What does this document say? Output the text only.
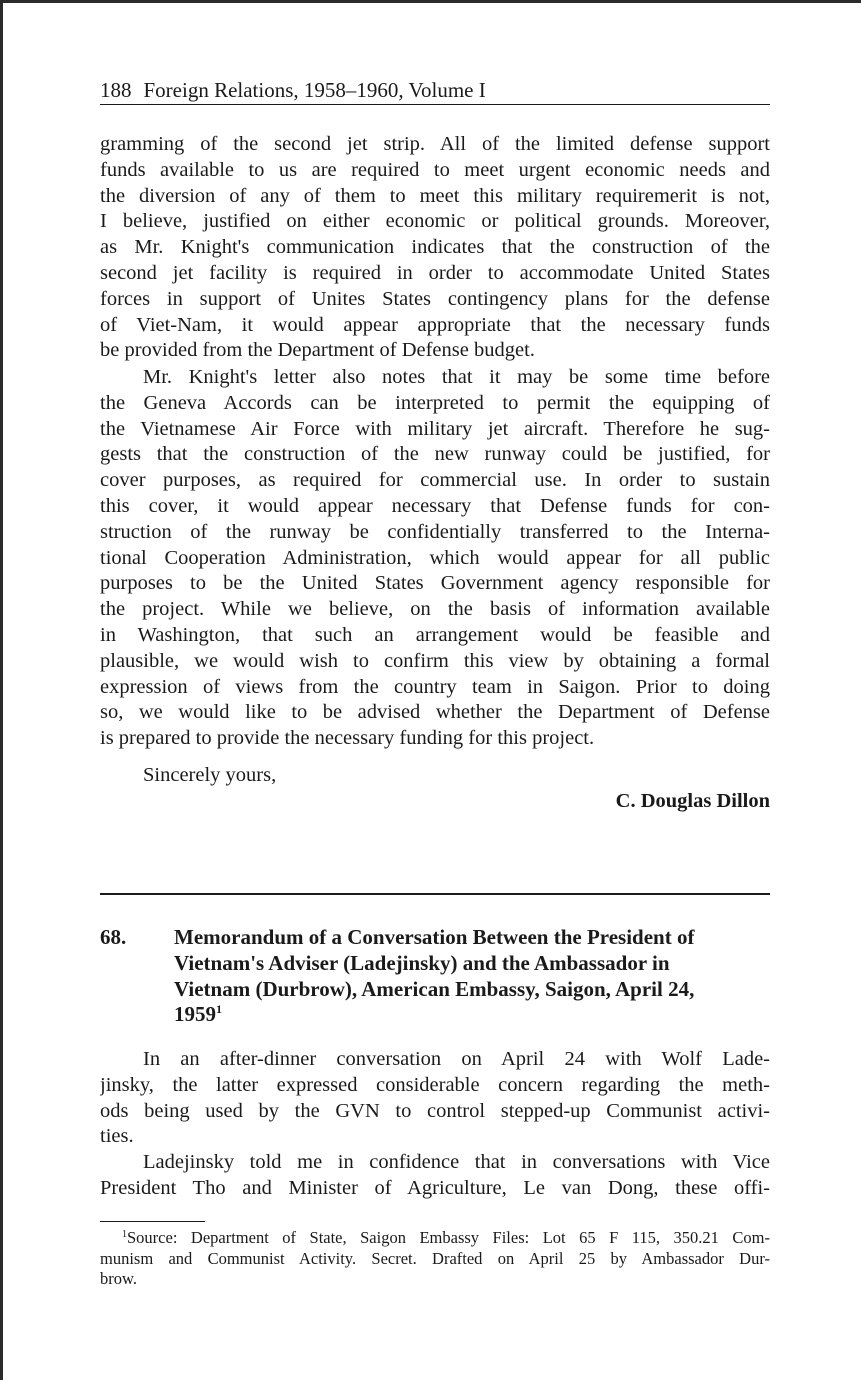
188 Foreign Relations, 1958–1960, Volume I
gramming of the second jet strip. All of the limited defense support
funds available to us are required to meet urgent economic needs and
the diversion of any of them to meet this military requiremerit is not,
I believe, justified on either economic or political grounds. Moreover,
as Mr. Knight's communication indicates that the construction of the
second jet facility is required in order to accommodate United States
forces in support of Unites States contingency plans for the defense
of Viet-Nam, it would appear appropriate that the necessary funds
be provided from the Department of Defense budget.
Mr. Knight's letter also notes that it may be some time before
the Geneva Accords can be interpreted to permit the equipping of
the Vietnamese Air Force with military jet aircraft. Therefore he sug-
gests that the construction of the new runway could be justified, for
cover purposes, as required for commercial use. In order to sustain
this cover, it would appear necessary that Defense funds for con-
struction of the runway be confidentially transferred to the Interna-
tional Cooperation Administration, which would appear for all public
purposes to be the United States Government agency responsible for
the project. While we believe, on the basis of information available
in Washington, that such an arrangement would be feasible and
plausible, we would wish to confirm this view by obtaining a formal
expression of views from the country team in Saigon. Prior to doing
so, we would like to be advised whether the Department of Defense
is prepared to provide the necessary funding for this project.
Sincerely yours,
C. Douglas Dillon
68. Memorandum of a Conversation Between the President of
Vietnam's Adviser (Ladejinsky) and the Ambassador in
Vietnam (Durbrow), American Embassy, Saigon, April 24,
1959$^1$
In an after-dinner conversation on April 24 with Wolf Lade-
jinsky, the latter expressed considerable concern regarding the meth-
ods being used by the GVN to control stepped-up Communist activi-
ties.
Ladejinsky told me in confidence that in conversations with Vice
President Tho and Minister of Agriculture, Le van Dong, these offi-
$^1$Source: Department of State, Saigon Embassy Files: Lot 65 F 115, 350.21 Com-
munism and Communist Activity. Secret. Drafted on April 25 by Ambassador Dur-
brow.
